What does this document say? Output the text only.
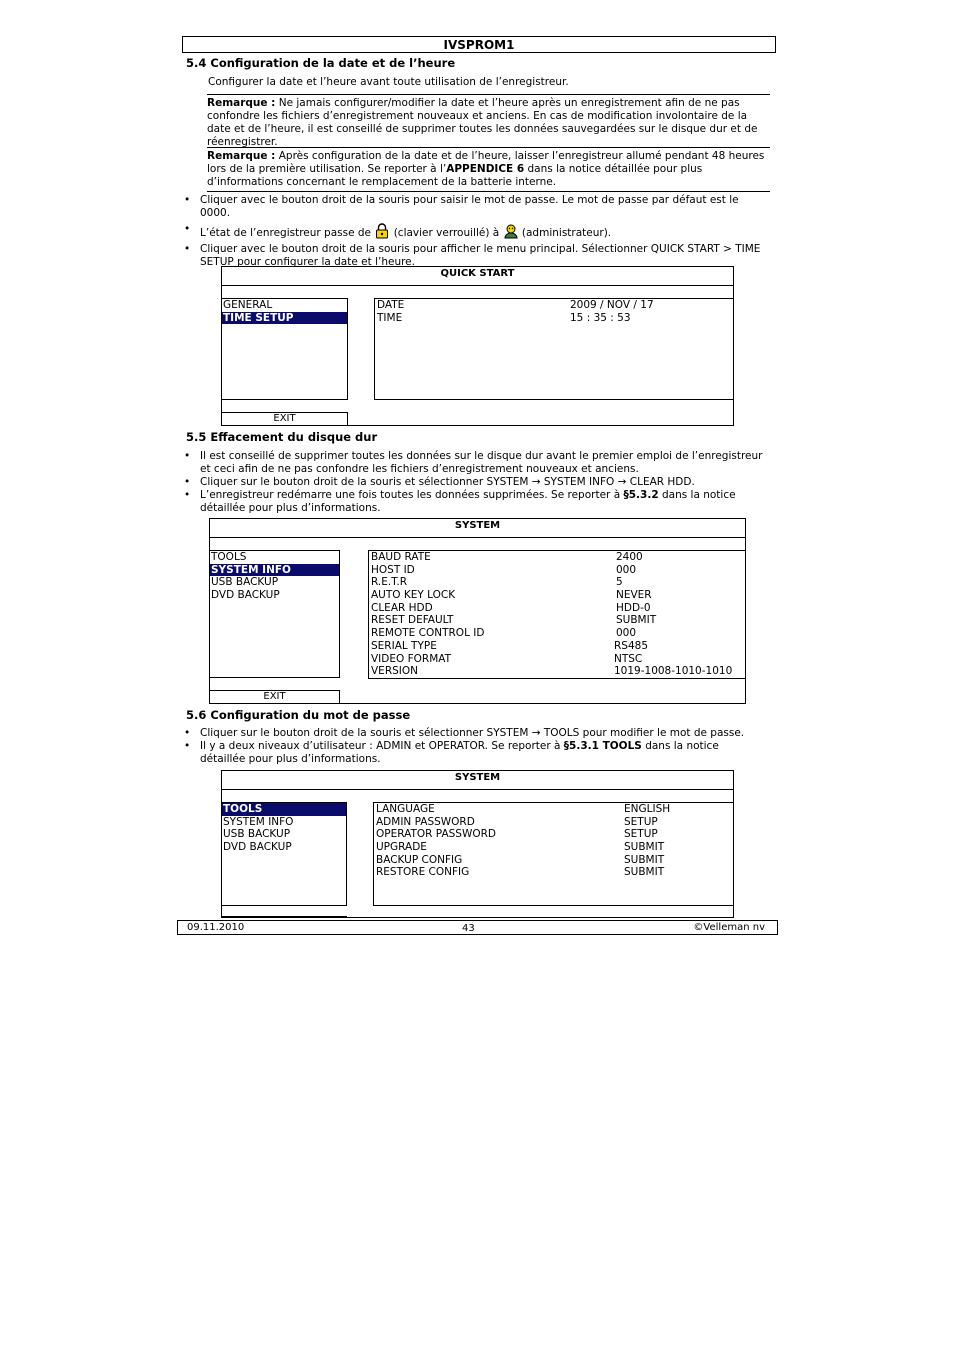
IVSPROM1
5.4 Configuration de la date et de l’heure
Configurer la date et l’heure avant toute utilisation de l’enregistreur.
Remarque : Ne jamais configurer/modifier la date et l’heure après un enregistrement afin de ne pas confondre les fichiers d’enregistrement nouveaux et anciens. En cas de modification involontaire de la date et de l’heure, il est conseillé de supprimer toutes les données sauvegardées sur le disque dur et de réenregistrer.
Remarque : Après configuration de la date et de l’heure, laisser l’enregistreur allumé pendant 48 heures lors de la première utilisation. Se reporter à l’APPENDICE 6 dans la notice détaillée pour plus d’informations concernant le remplacement de la batterie interne.
• Cliquer avec le bouton droit de la souris pour saisir le mot de passe. Le mot de passe par défaut est le 0000.
• L’état de l’enregistreur passe de  (clavier verrouillé) à  (administrateur).
• Cliquer avec le bouton droit de la souris pour afficher le menu principal. Sélectionner QUICK START > TIME SETUP pour configurer la date et l’heure.
QUICK START
GENERAL
TIME SETUP
DATE	2009 / NOV / 17
TIME	15 : 35 : 53
EXIT
5.5 Effacement du disque dur
• Il est conseillé de supprimer toutes les données sur le disque dur avant le premier emploi de l’enregistreur et ceci afin de ne pas confondre les fichiers d’enregistrement nouveaux et anciens.
• Cliquer sur le bouton droit de la souris et sélectionner SYSTEM → SYSTEM INFO → CLEAR HDD.
• L’enregistreur redémarre une fois toutes les données supprimées. Se reporter à §5.3.2 dans la notice détaillée pour plus d’informations.
SYSTEM
TOOLS
SYSTEM INFO
USB BACKUP
DVD BACKUP
BAUD RATE	2400
HOST ID	000
R.E.T.R	5
AUTO KEY LOCK	NEVER
CLEAR HDD	HDD-0
RESET DEFAULT	SUBMIT
REMOTE CONTROL ID	000
SERIAL TYPE	RS485
VIDEO FORMAT	NTSC
VERSION	1019-1008-1010-1010
EXIT
5.6 Configuration du mot de passe
• Cliquer sur le bouton droit de la souris et sélectionner SYSTEM → TOOLS pour modifier le mot de passe.
• Il y a deux niveaux d’utilisateur : ADMIN et OPERATOR. Se reporter à §5.3.1 TOOLS dans la notice détaillée pour plus d’informations.
SYSTEM
TOOLS
SYSTEM INFO
USB BACKUP
DVD BACKUP
LANGUAGE	ENGLISH
ADMIN PASSWORD	SETUP
OPERATOR PASSWORD	SETUP
UPGRADE	SUBMIT
BACKUP CONFIG	SUBMIT
RESTORE CONFIG	SUBMIT
09.11.2010	43	©Velleman nv
